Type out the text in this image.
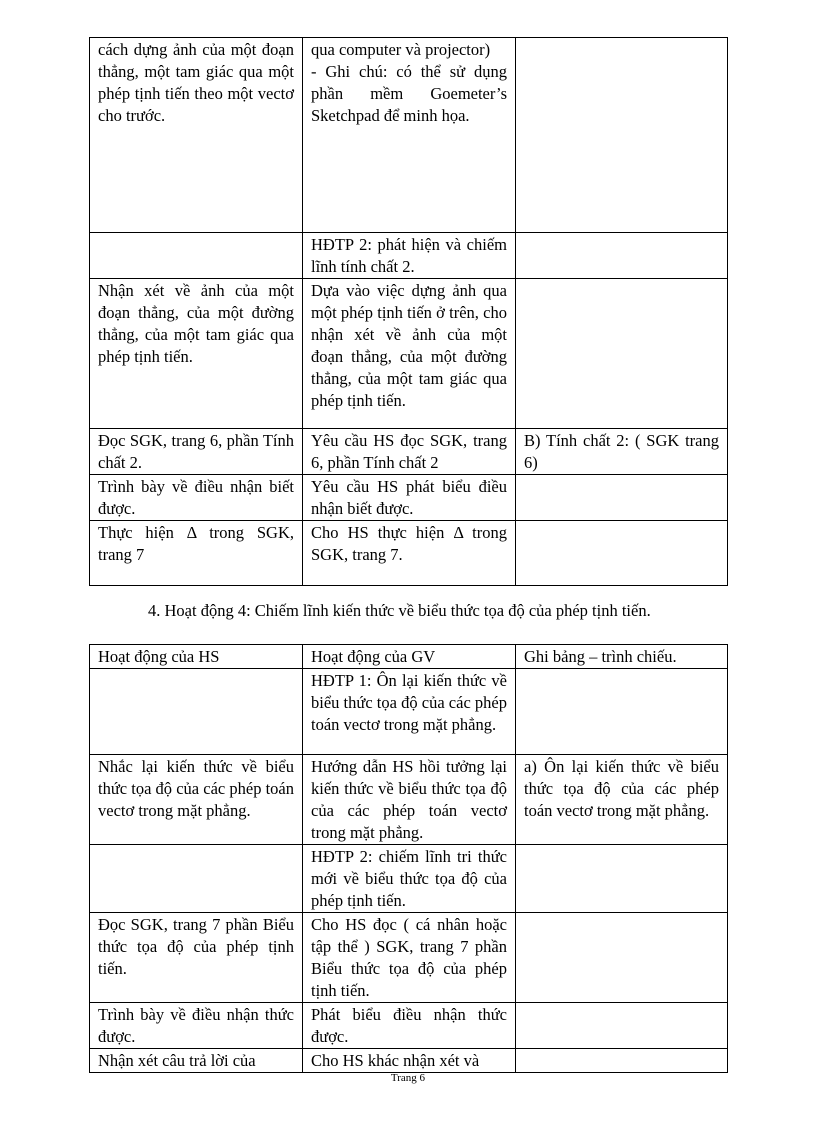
cách dựng ảnh của một đoạn thẳng, một tam giác qua một phép tịnh tiến theo một vectơ cho trước.	qua computer và projector)
- Ghi chú: có thể sử dụng phần mềm Goemeter’s Sketchpad để minh họa.	
	HĐTP 2: phát hiện và chiếm lĩnh tính chất 2.	
Nhận xét về ảnh của một đoạn thẳng, của một đường thẳng, của một tam giác qua phép tịnh tiến.	Dựa vào việc dựng ảnh qua một phép tịnh tiến ở trên, cho nhận xét về ảnh của một đoạn thẳng, của một đường thẳng, của một tam giác qua phép tịnh tiến.	
Đọc SGK, trang 6, phần Tính chất 2.	Yêu cầu HS đọc SGK, trang 6, phần Tính chất 2	B) Tính chất 2: ( SGK trang 6)
Trình bày về điều nhận biết được.	Yêu cầu HS phát biểu điều nhận biết được.	
Thực hiện Δ trong SGK, trang 7	Cho HS thực hiện Δ trong SGK, trang 7.	
4. Hoạt động 4: Chiếm lĩnh kiến thức về biểu thức tọa độ của phép tịnh tiến.
Hoạt động của HS	Hoạt động của GV	Ghi bảng – trình chiếu.
	HĐTP 1: Ôn lại kiến thức về biểu thức tọa độ của các phép toán vectơ trong mặt phẳng.	
Nhắc lại kiến thức về biểu thức tọa độ của các phép toán vectơ trong mặt phẳng.	Hướng dẫn HS hồi tưởng lại kiến thức về biểu thức tọa độ của các phép toán vectơ trong mặt phẳng.	a) Ôn lại kiến thức về biểu thức tọa độ của các phép toán vectơ trong mặt phẳng.
	HĐTP 2: chiếm lĩnh tri thức mới về biểu thức tọa độ của phép tịnh tiến.	
Đọc SGK, trang 7 phần Biểu thức tọa độ của phép tịnh tiến.	Cho HS đọc ( cá nhân hoặc tập thể ) SGK, trang 7 phần Biểu thức tọa độ của phép tịnh tiến.	
Trình bày về điều nhận thức được.	Phát biểu điều nhận thức được.	
Nhận xét câu trả lời của	Cho HS khác nhận xét và	
Trang 6
